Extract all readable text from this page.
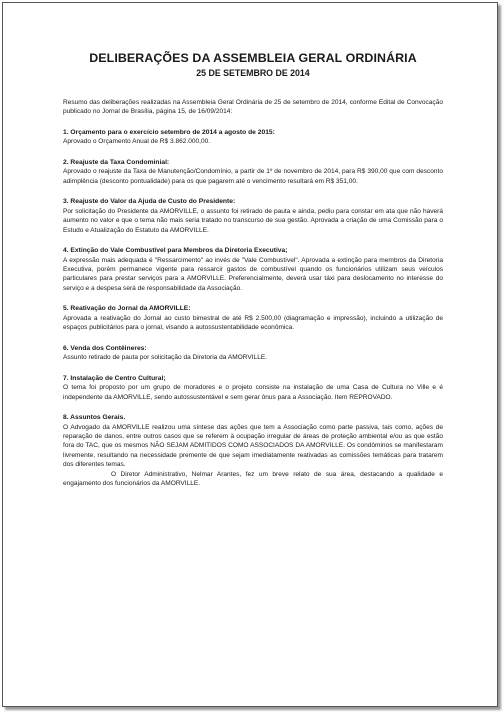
DELIBERAÇÕES DA ASSEMBLEIA GERAL ORDINÁRIA
25 DE SETEMBRO DE 2014

Resumo das deliberações realizadas na Assembleia Geral Ordinária de 25 de setembro de 2014, conforme Edital de Convocação publicado no Jornal de Brasília, página 15, de 16/09/2014:

1. Orçamento para o exercício setembro de 2014 a agosto de 2015:

Aprovado o Orçamento Anual de R$ 3.862.000,00.

2. Reajuste da Taxa Condominial:

Aprovado o reajuste da Taxa de Manutenção/Condomínio, a partir de 1º de novembro de 2014, para R$ 390,00 que com desconto adimplência (desconto pontualidade) para os que pagarem até o vencimento resultará em R$ 351,00.

3. Reajuste do Valor da Ajuda de Custo do Presidente:

Por solicitação do Presidente da AMORVILLE, o assunto foi retirado de pauta e ainda, pediu para constar em ata que não haverá aumento no valor e que o tema não mais seria tratado no transcurso de sua gestão. Aprovada a criação de uma Comissão para o Estudo e Atualização do Estatuto da AMORVILLE.

4. Extinção do Vale Combustível para Membros da Diretoria Executiva;

A expressão mais adequada é "Ressarcimento" ao invés de "Vale Combustível". Aprovada a extinção para membros da Diretoria Executiva, porém permanece vigente para ressarcir gastos de combustível quando os funcionários utilizam seus veículos particulares para prestar serviços para a AMORVILLE. Preferencialmente, deverá usar táxi para deslocamento no interesse do serviço e a despesa será de responsabilidade da Associação.

5. Reativação do Jornal da AMORVILLE:

Aprovada a reativação do Jornal ao custo bimestral de até R$ 2.500,00 (diagramação e impressão), incluindo a utilização de espaços publicitários para o jornal, visando a autossustentabilidade econômica.

6. Venda dos Contêineres:

Assunto retirado de pauta por solicitação da Diretoria da AMORVILLE.

7. Instalação de Centro Cultural;

O tema foi proposto por um grupo de moradores e o projeto consiste na instalação de uma Casa de Cultura no Ville e é independente da AMORVILLE, sendo autossustentável e sem gerar ônus para a Associação. Item REPROVADO.

8. Assuntos Gerais.

O Advogado da AMORVILLE realizou uma síntese das ações que tem a Associação como parte passiva, tais como, ações de reparação de danos, entre outros casos que se referem à ocupação irregular de áreas de proteção ambiental e/ou as que estão fora do TAC, que os mesmos NÃO SEJAM ADMITIDOS COMO ASSOCIADOS DA AMORVILLE. Os condôminos se manifestaram livremente, resultando na necessidade premente de que sejam imediatamente reativadas as comissões temáticas para tratarem dos diferentes temas.

O Diretor Administrativo, Nelmar Arantes, fez um breve relato de sua área, destacando a qualidade e engajamento dos funcionários da AMORVILLE.
